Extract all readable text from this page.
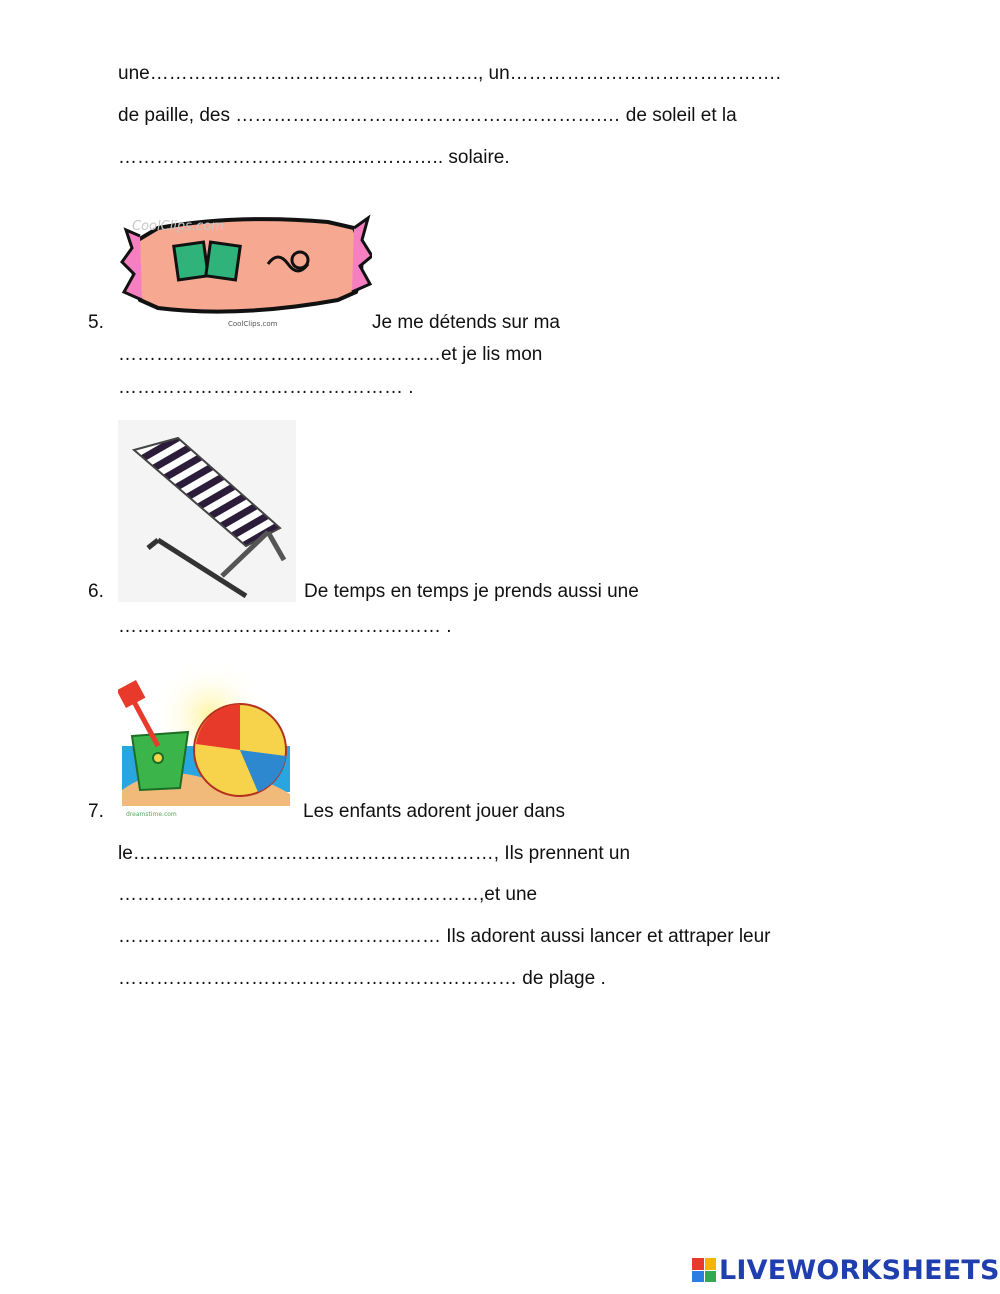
une……………………………………………., un…………………………………….
de paille, des ………………………………………………….… de soleil et la
………………………………..………….. solaire.
CoolClips.com
CoolClips.com
5.	Je me détends sur ma
……………………………………………et je lis mon
……………………………………… .
6.	De temps en temps je prends aussi une
…………………………………………… .
dreamstime.com
7.	Les enfants adorent jouer dans
le…………………………………………………, Ils prennent un
…………………………………………………,et une
…………………………………………… Ils adorent aussi lancer et attraper leur
……………………………………………………… de plage .
LIVEWORKSHEETS
